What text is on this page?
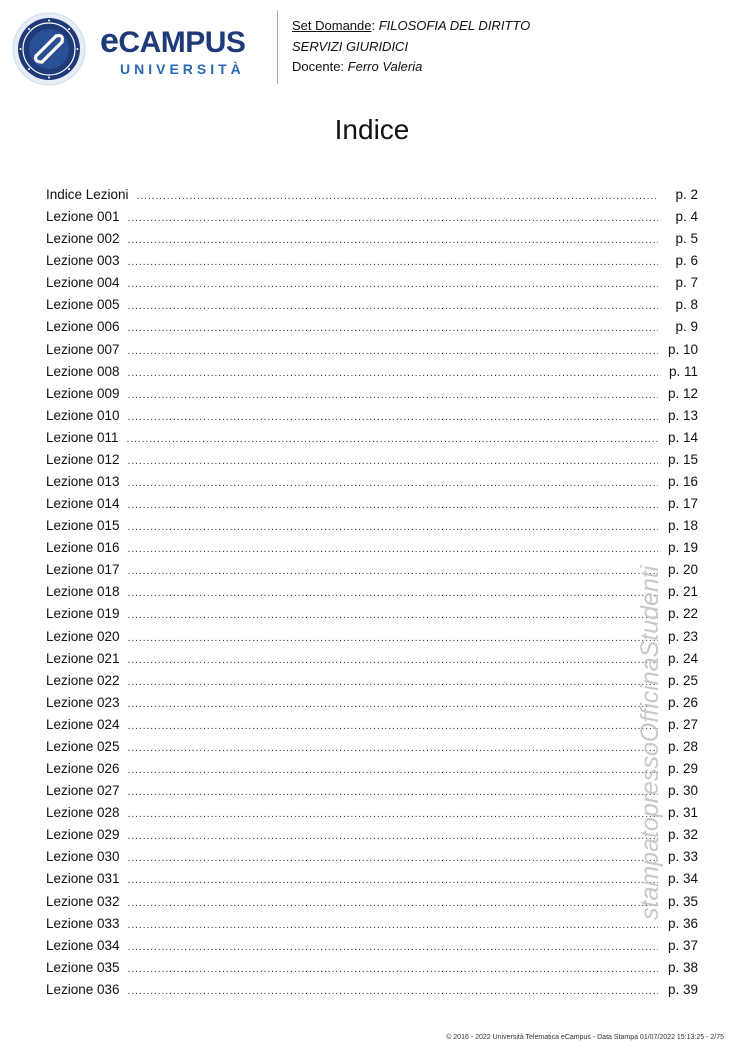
eCAMPUS
UNIVERSITÀ
Set Domande: FILOSOFIA DEL DIRITTO
SERVIZI GIURIDICI
Docente: Ferro Valeria
Indice
Indice Lezioni .....	p. 2
Lezione 001 .....	p. 4
Lezione 002 .....	p. 5
Lezione 003 .....	p. 6
Lezione 004 .....	p. 7
Lezione 005 .....	p. 8
Lezione 006 .....	p. 9
Lezione 007 .....	p. 10
Lezione 008 .....	p. 11
Lezione 009 .....	p. 12
Lezione 010 .....	p. 13
Lezione 011 .....	p. 14
Lezione 012 .....	p. 15
Lezione 013 .....	p. 16
Lezione 014 .....	p. 17
Lezione 015 .....	p. 18
Lezione 016 .....	p. 19
Lezione 017 .....	p. 20
Lezione 018 .....	p. 21
Lezione 019 .....	p. 22
Lezione 020 .....	p. 23
Lezione 021 .....	p. 24
Lezione 022 .....	p. 25
Lezione 023 .....	p. 26
Lezione 024 .....	p. 27
Lezione 025 .....	p. 28
Lezione 026 .....	p. 29
Lezione 027 .....	p. 30
Lezione 028 .....	p. 31
Lezione 029 .....	p. 32
Lezione 030 .....	p. 33
Lezione 031 .....	p. 34
Lezione 032 .....	p. 35
Lezione 033 .....	p. 36
Lezione 034 .....	p. 37
Lezione 035 .....	p. 38
Lezione 036 .....	p. 39
stampatopressoOfficinaStudenti
© 2016 - 2022 Università Telematica eCampus - Data Stampa 01/07/2022 15:13:25 - 2/75
